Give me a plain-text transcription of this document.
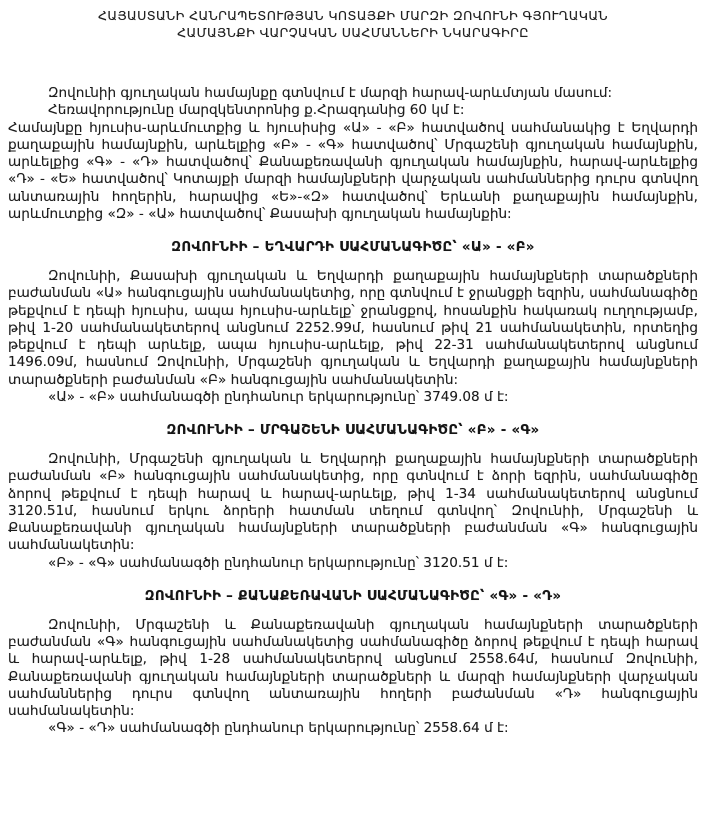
ՀԱՅԱՍՏԱՆԻ ՀԱՆՐԱՊԵՏՈՒԹՅԱՆ ԿՈՏԱՅՔԻ ՄԱՐԶԻ ԶՈՎՈՒՆԻ ԳՅՈՒՂԱԿԱՆ
ՀԱՄԱՅՆՔԻ ՎԱՐՉԱԿԱՆ ՍԱՀՄԱՆՆԵՐԻ ՆԿԱՐԱԳԻՐԸ

Զովունիի գյուղական համայնքը գտնվում է մարզի հարավ-արևմտյան մասում:

Հեռավորությունը մարզկենտրոնից ք.Հրազդանից 60 կմ է:

Համայնքը հյուսիս-արևմուտքից և հյուսիսից «Ա» - «Բ» հատվածով սահմանակից է Եղվարդի քաղաքային համայնքին, արևելքից «Բ» - «Գ» հատվածով՝ Մրգաշենի գյուղական համայնքին, արևելքից «Գ» - «Դ» հատվածով՝ Քանաքեռավանի գյուղական համայնքին, հարավ-արևելքից «Դ» - «Ե» հատվածով՝ Կոտայքի մարզի համայնքների վարչական սահմաններից դուրս գտնվող անտառային հողերին, հարավից «Ե»-«Զ» հատվածով՝ Երևանի քաղաքային համայնքին, արևմուտքից «Զ» - «Ա» հատվածով՝ Քասախի գյուղական համայնքին:

ԶՈՎՈՒՆԻԻ – ԵՂՎԱՐԴԻ ՍԱՀՄԱՆԱԳԻԾԸ՝ «Ա» - «Բ»

Զովունիի, Քասախի գյուղական և Եղվարդի քաղաքային համայնքների տարածքների բաժանման «Ա» հանգուցային սահմանակետից, որը գտնվում է ջրանցքի եզրին, սահմանագիծը թեքվում է դեպի հյուսիս, ապա հյուսիս-արևելք՝ ջրանցքով, հոսանքին հակառակ ուղղությամբ, թիվ 1-20 սահմանակետերով անցնում 2252.99մ, հասնում թիվ 21 սահմանակետին, որտեղից թեքվում է դեպի արևելք, ապա հյուսիս-արևելք, թիվ 22-31 սահմանակետերով անցնում 1496.09մ, հասնում Զովունիի, Մրգաշենի գյուղական և Եղվարդի քաղաքային համայնքների տարածքների բաժանման «Բ» հանգուցային սահմանակետին:

«Ա» - «Բ» սահմանագծի ընդհանուր երկարությունը՝ 3749.08 մ է:

ԶՈՎՈՒՆԻԻ – ՄՐԳԱՇԵՆԻ ՍԱՀՄԱՆԱԳԻԾԸ՝ «Բ» - «Գ»

Զովունիի, Մրգաշենի գյուղական և Եղվարդի քաղաքային համայնքների տարածքների բաժանման «Բ» հանգուցային սահմանակետից, որը գտնվում է ձորի եզրին, սահմանագիծը ձորով թեքվում է դեպի հարավ և հարավ-արևելք, թիվ 1-34 սահմանակետերով անցնում 3120.51մ, հասնում երկու ձորերի հատման տեղում գտնվող՝ Զովունիի, Մրգաշենի և Քանաքեռավանի գյուղական համայնքների տարածքների բաժանման «Գ» հանգուցային սահմանակետին:

«Բ» - «Գ» սահմանագծի ընդհանուր երկարությունը՝ 3120.51 մ է:

ԶՈՎՈՒՆԻԻ – ՔԱՆԱՔԵՌԱՎԱՆԻ ՍԱՀՄԱՆԱԳԻԾԸ՝ «Գ» - «Դ»

Զովունիի, Մրգաշենի և Քանաքեռավանի գյուղական համայնքների տարածքների բաժանման «Գ» հանգուցային սահմանակետից սահմանագիծը ձորով թեքվում է դեպի հարավ և հարավ-արևելք, թիվ 1-28 սահմանակետերով անցնում 2558.64մ, հասնում Զովունիի, Քանաքեռավանի գյուղական համայնքների տարածքների և մարզի համայնքների վարչական սահմաններից դուրս գտնվող անտառային հողերի բաժանման «Դ» հանգուցային սահմանակետին:

«Գ» - «Դ» սահմանագծի ընդհանուր երկարությունը՝ 2558.64 մ է:
